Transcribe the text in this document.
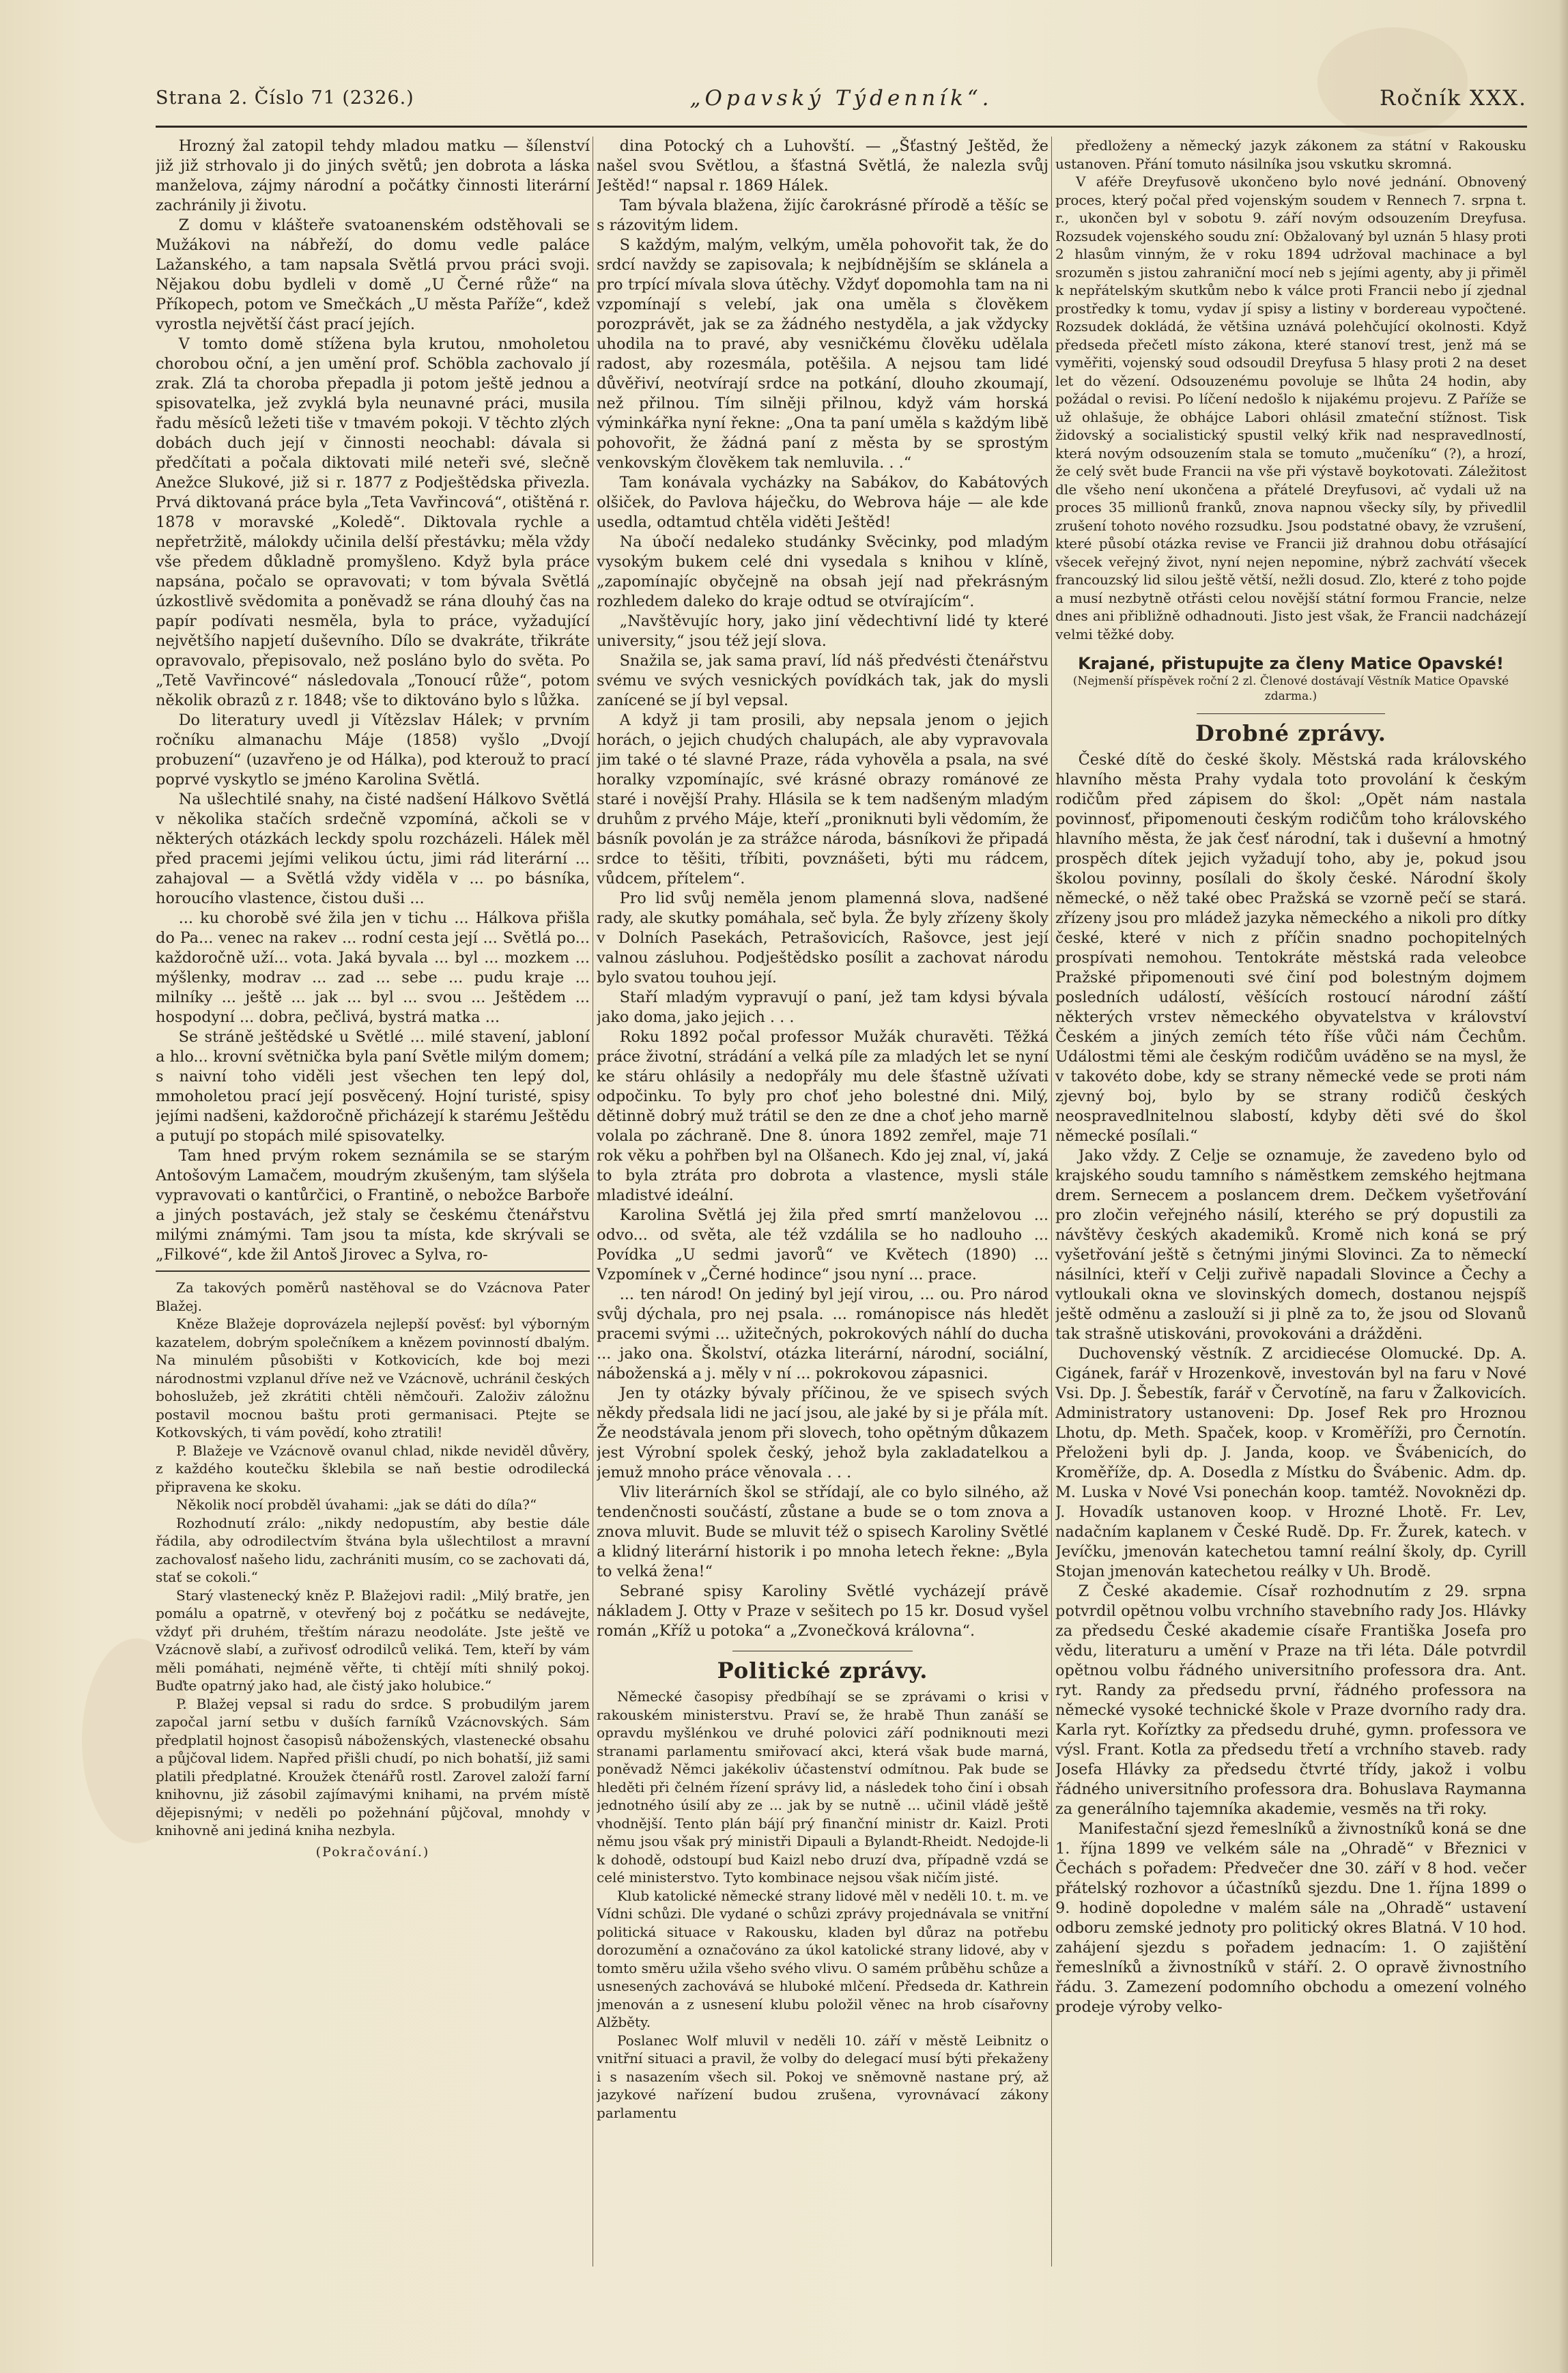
Strana 2. Číslo 71 (2326.)	„Opavský Týdenník“.	Ročník XXX.

Hrozný žal zatopil tehdy mladou matku — šílenství již již strhovalo ji do jiných světů; jen dobrota a láska manželova, zájmy národní a počátky činnosti literární zachránily ji životu.

Z domu v klášteře svatoanenském odstěhovali se Mužákovi na nábřeží, do domu vedle paláce Lažanského, a tam napsala Světlá prvou práci svoji. Nějakou dobu bydleli v domě „U Černé růže“ na Příkopech, potom ve Smečkách „U města Paříže“, kdež vyrostla největší část prací jejích.

V tomto domě stížena byla krutou, nmoholetou chorobou oční, a jen umění prof. Schöbla zachovalo jí zrak. Zlá ta choroba přepadla ji potom ještě jednou a spisovatelka, jež zvyklá byla neunavné práci, musila řadu měsíců ležeti tiše v tmavém pokoji. V těchto zlých dobách duch její v činnosti neochabl: dávala si předčítati a počala diktovati milé neteři své, slečně Anežce Slukové, již si r. 1877 z Podještědska přivezla. Prvá diktovaná práce byla „Teta Vavřincová“, otištěná r. 1878 v moravské „Koledě“. Diktovala rychle a nepřetržitě, málokdy učinila delší přestávku; měla vždy vše předem důkladně promyšleno. Když byla práce napsána, počalo se opravovati; v tom bývala Světlá úzkostlivě svědomita a poněvadž se rána dlouhý čas na papír podívati nesměla, byla to práce, vyžadující největšího napjetí duševního. Dílo se dvakráte, třikráte opravovalo, přepisovalo, než posláno bylo do světa. Po „Tetě Vavřincové“ následovala „Tonoucí růže“, potom několik obrazů z r. 1848; vše to diktováno bylo s lůžka.

Do literatury uvedl ji Vítězslav Hálek; v prvním ročníku almanachu Máje (1858) vyšlo „Dvojí probuzení“ (uzavřeno je od Hálka), pod kterouž to prací poprvé vyskytlo se jméno Karolina Světlá.

Na ušlechtilé snahy, na čisté nadšení Hálkovo Světlá v několika stačích srdečně vzpomíná, ačkoli se v některých otázkách leckdy spolu rozcházeli. Hálek měl před pracemi jejími velikou úctu, jimi rád literární ... zahajoval — a Světlá vždy viděla v ... po básníka, horoucího vlastence, čistou duši ...

... ku chorobě své žila jen v tichu ... Hálkova přišla do Pa... venec na rakev ... rodní cesta její ... Světlá po... každoročně uží... vota. Jaká byvala ... byl ... mozkem ... mýšlenky, modrav ... zad ... sebe ... pudu kraje ... milníky ... ještě ... jak ... byl ... svou ... Ještědem ... hospodyní ... dobra, pečlivá, bystrá matka ...

Se stráně ještědské u Světlé ... milé stavení, jabloní a hlo... krovní světnička byla paní Světle milým domem; s naivní toho viděli jest všechen ten lepý dol, mmoholetou prací její posvěcený. Hojní turisté, spisy jejími nadšeni, každoročně přicházejí k starému Ještědu a putují po stopách milé spisovatelky.

Tam hned prvým rokem seznámila se se starým Antošovým Lamačem, moudrým zkušeným, tam slýšela vypravovati o kantůrčici, o Frantině, o nebožce Barboře a jiných postavách, jež staly se českému čtenářstvu milými známými. Tam jsou ta místa, kde skrývali se „Filkové“, kde žil Antoš Jirovec a Sylva, ro-

Za takových poměrů nastěhoval se do Vzácnova Pater Blažej.

Kněze Blažeje doprovázela nejlepší pověsť: byl výborným kazatelem, dobrým společníkem a knězem povinností dbalým. Na minulém působišti v Kotkovicích, kde boj mezi národnostmi vzplanul dříve než ve Vzácnově, uchránil českých bohoslužeb, jež zkrátiti chtěli němčouři. Založiv záložnu postavil mocnou baštu proti germanisaci. Ptejte se Kotkovských, ti vám povědí, koho ztratili!

P. Blažeje ve Vzácnově ovanul chlad, nikde neviděl důvěry, z každého koutečku šklebila se naň bestie odrodilecká připravena ke skoku.

Několik nocí probděl úvahami: „jak se dáti do díla?“

Rozhodnutí zrálo: „nikdy nedopustím, aby bestie dále řádila, aby odrodilectvím štvána byla ušlechtilost a mravní zachovalosť našeho lidu, zachrániti musím, co se zachovati dá, stať se cokoli.“

Starý vlastenecký kněz P. Blažejovi radil: „Milý bratře, jen pomálu a opatrně, v otevřený boj z počátku se nedávejte, vždyť při druhém, třeštím nárazu neodoláte. Jste ještě ve Vzácnově slabí, a zuřivosť odrodilců veliká. Tem, kteří by vám měli pomáhati, nejméně věřte, ti chtějí míti shnilý pokoj. Buďte opatrný jako had, ale čistý jako holubice.“

P. Blažej vepsal si radu do srdce. S probudilým jarem započal jarní setbu v duších farníků Vzácnovských. Sám předplatil hojnost časopisů náboženských, vlastenecké obsahu a půjčoval lidem. Napřed přišli chudí, po nich bohatší, již sami platili předplatné. Kroužek čtenářů rostl. Zarovel založí farní knihovnu, již zásobil zajímavými knihami, na prvém místě dějepisnými; v neděli po požehnání půjčoval, mnohdy v knihovně ani jediná kniha nezbyla.

(Pokračování.)

dina Potocký ch a Luhovští. — „Šťastný Ještěd, že našel svou Světlou, a šťastná Světlá, že nalezla svůj Ještěd!“ napsal r. 1869 Hálek.

Tam bývala blažena, žijíc čarokrásné přírodě a těšíc se s rázovitým lidem.

S každým, malým, velkým, uměla pohovořit tak, že do srdcí navždy se zapisovala; k nejbídnějším se sklánela a pro trpící mívala slova útěchy. Vždyť dopomohla tam na ni vzpomínají s velebí, jak ona uměla s člověkem porozprávět, jak se za žádného nestyděla, a jak vždycky uhodila na to pravé, aby vesničkému člověku udělala radost, aby rozesmála, potěšila. A nejsou tam lidé důvěřiví, neotvírají srdce na potkání, dlouho zkoumají, než přilnou. Tím silněji přilnou, když vám horská výminkářka nyní řekne: „Ona ta paní uměla s každým libě pohovořit, že žádná paní z města by se sprostým venkovským člověkem tak nemluvila. . .“

Tam konávala vycházky na Sabákov, do Kabátových olšiček, do Pavlova háječku, do Webrova háje — ale kde usedla, odtamtud chtěla viděti Ještěd!

Na úbočí nedaleko studánky Svěcinky, pod mladým vysokým bukem celé dni vysedala s knihou v klíně, „zapomínajíc obyčejně na obsah její nad překrásným rozhledem daleko do kraje odtud se otvírajícím“.

„Navštěvujíc hory, jako jiní vědechtivní lidé ty které university,“ jsou též její slova.

Snažila se, jak sama praví, líd náš předvésti čtenářstvu svému ve svých vesnických povídkách tak, jak do mysli zanícené se jí byl vepsal.

A když ji tam prosili, aby nepsala jenom o jejich horách, o jejich chudých chalupách, ale aby vypravovala jim také o té slavné Praze, ráda vyhověla a psala, na své horalky vzpomínajíc, své krásné obrazy románové ze staré i novější Prahy. Hlásila se k tem nadšeným mladým druhům z prvého Máje, kteří „proniknuti byli vědomím, že básník povolán je za strážce národa, básníkovi že připadá srdce to těšiti, tříbiti, povznášeti, býti mu rádcem, vůdcem, přítelem“.

Pro lid svůj neměla jenom plamenná slova, nadšené rady, ale skutky pomáhala, seč byla. Že byly zřízeny školy v Dolních Pasekách, Petrašovicích, Rašovce, jest její valnou zásluhou. Podještědsko posílit a zachovat národu bylo svatou touhou její.

Staří mladým vypravují o paní, jež tam kdysi bývala jako doma, jako jejich . . .

Roku 1892 počal professor Mužák churavěti. Těžká práce životní, strádání a velká píle za mladých let se nyní ke stáru ohlásily a nedopřály mu dele šťastně užívati odpočinku. To byly pro choť jeho bolestné dni. Milý, dětinně dobrý muž trátil se den ze dne a choť jeho marně volala po záchraně. Dne 8. února 1892 zemřel, maje 71 rok věku a pohřben byl na Olšanech. Kdo jej znal, ví, jaká to byla ztráta pro dobrota a vlastence, mysli stále mladistvé ideální.

Karolina Světlá jej žila před smrtí manželovou ... odvo... od světa, ale též vzdálila se ho nadlouho ... Povídka „U sedmi javorů“ ve Květech (1890) ... Vzpomínek v „Černé hodince“ jsou nyní ... prace.

... ten národ! On jediný byl její virou, ... ou. Pro národ svůj dýchala, pro nej psala. ... románopisce nás hledět pracemi svými ... užitečných, pokrokových náhlí do ducha ... jako ona. Školství, otázka literární, národní, sociální, náboženská a j. měly v ní ... pokrokovou zápasnici.

Jen ty otázky bývaly příčinou, že ve spisech svých někdy předsala lidi ne jací jsou, ale jaké by si je přála mít. Že neodstávala jenom při slovech, toho opětným důkazem jest Výrobní spolek český, jehož byla zakladatelkou a jemuž mnoho práce věnovala . . .

Vliv literárních škol se střídají, ale co bylo silného, až tendenčnosti součástí, zůstane a bude se o tom znova a znova mluvit. Bude se mluvit též o spisech Karoliny Světlé a klidný literární historik i po mnoha letech řekne: „Byla to velká žena!“

Sebrané spisy Karoliny Světlé vycházejí právě nákladem J. Otty v Praze v sešitech po 15 kr. Dosud vyšel román „Kříž u potoka“ a „Zvonečková královna“.

Politické zprávy.

Německé časopisy předbíhají se se zprávami o krisi v rakouském ministerstvu. Praví se, že hrabě Thun zanáší se opravdu myšlénkou ve druhé polovici září podniknouti mezi stranami parlamentu smiřovací akci, která však bude marná, poněvadž Němci jakékoliv účastenství odmítnou. Pak bude se hleděti při čelném řízení správy lid, a následek toho činí i obsah jednotného úsilí aby ze ... jak by se nutně ... učinil vládě ještě vhodnější. Tento plán bájí prý finanční ministr dr. Kaizl. Proti němu jsou však prý ministři Dipauli a Bylandt-Rheidt. Nedojde-li k dohodě, odstoupí bud Kaizl nebo druzí dva, případně vzdá se celé ministerstvo. Tyto kombinace nejsou však ničím jisté.

Klub katolické německé strany lidové měl v neděli 10. t. m. ve Vídni schůzi. Dle vydané o schůzi zprávy projednávala se vnitřní politická situace v Rakousku, kladen byl důraz na potřebu dorozumění a označováno za úkol katolické strany lidové, aby v tomto směru užila všeho svého vlivu. O samém průběhu schůze a usnesených zachovává se hluboké mlčení. Předseda dr. Kathrein jmenován a z usnesení klubu položil věnec na hrob císařovny Alžběty.

Poslanec Wolf mluvil v neděli 10. září v městě Leibnitz o vnitřní situaci a pravil, že volby do delegací musí býti překaženy i s nasazením všech sil. Pokoj ve sněmovně nastane prý, až jazykové nařízení budou zrušena, vyrovnávací zákony parlamentu

předloženy a německý jazyk zákonem za státní v Rakousku ustanoven. Přání tomuto násilníka jsou vskutku skromná.

V aféře Dreyfusově ukončeno bylo nové jednání. Obnovený proces, který počal před vojenským soudem v Rennech 7. srpna t. r., ukončen byl v sobotu 9. září novým odsouzením Dreyfusa. Rozsudek vojenského soudu zní: Obžalovaný byl uznán 5 hlasy proti 2 hlasům vinným, že v roku 1894 udržoval machinace a byl srozuměn s jistou zahraniční mocí neb s jejími agenty, aby ji přiměl k nepřátelským skutkům nebo k válce proti Francii nebo jí zjednal prostředky k tomu, vydav jí spisy a listiny v bordereau vypočtené. Rozsudek dokládá, že většina uznává polehčující okolnosti. Když předseda přečetl místo zákona, které stanoví trest, jenž má se vyměřiti, vojenský soud odsoudil Dreyfusa 5 hlasy proti 2 na deset let do vězení. Odsouzenému povoluje se lhůta 24 hodin, aby požádal o revisi. Po líčení nedošlo k nijakému projevu. Z Paříže se už ohlašuje, že obhájce Labori ohlásil zmateční stížnost. Tisk židovský a socialistický spustil velký křik nad nespravedlností, která novým odsouzením stala se tomuto „mučeníku“ (?), a hrozí, že celý svět bude Francii na vše při výstavě boykotovati. Záležitost dle všeho není ukončena a přátelé Dreyfusovi, ač vydali už na proces 35 millionů franků, znova napnou všecky síly, by přivedlil zrušení tohoto nového rozsudku. Jsou podstatné obavy, že vzrušení, které působí otázka revise ve Francii již drahnou dobu otřásající všecek veřejný život, nyní nejen nepomine, nýbrž zachvátí všecek francouzský lid silou ještě větší, nežli dosud. Zlo, které z toho pojde a musí nezbytně otřásti celou novější státní formou Francie, nelze dnes ani přibližně odhadnouti. Jisto jest však, že Francii nadcházejí velmi těžké doby.

Krajané, přistupujte za členy Matice Opavské!
(Nejmenší příspěvek roční 2 zl. Členové dostávají Věstník Matice Opavské zdarma.)
Drobné zprávy.

České dítě do české školy. Městská rada královského hlavního města Prahy vydala toto provolání k českým rodičům před zápisem do škol: „Opět nám nastala povinnosť, připomenouti českým rodičům toho královského hlavního města, že jak česť národní, tak i duševní a hmotný prospěch dítek jejich vyžadují toho, aby je, pokud jsou školou povinny, posílali do školy české. Národní školy německé, o něž také obec Pražská se vzorně pečí se stará. zřízeny jsou pro mládež jazyka německého a nikoli pro dítky české, které v nich z příčin snadno pochopitelných prospívati nemohou. Tentokráte městská rada veleobce Pražské připomenouti své činí pod bolestným dojmem posledních událostí, věšících rostoucí národní záští některých vrstev německého obyvatelstva v království Českém a jiných zemích této říše vůči nám Čechům. Událostmi těmi ale českým rodičům uváděno se na mysl, že v takovéto dobe, kdy se strany německé vede se proti nám zjevný boj, bylo by se strany rodičů českých neospravedlnitelnou slabostí, kdyby děti své do škol německé posílali.“

Jako vždy. Z Celje se oznamuje, že zavedeno bylo od krajského soudu tamního s náměstkem zemského hejtmana drem. Sernecem a poslancem drem. Dečkem vyšetřování pro zločin veřejného násilí, kterého se prý dopustili za návštěvy českých akademiků. Kromě nich koná se prý vyšetřování ještě s četnými jinými Slovinci. Za to německí násilníci, kteří v Celji zuřivě napadali Slovince a Čechy a vytloukali okna ve slovinských domech, dostanou nejspíš ještě odměnu a zaslouží si ji plně za to, že jsou od Slovanů tak strašně utiskováni, provokováni a drážděni.

Duchovenský věstník. Z arcidiecése Olomucké. Dp. A. Cigánek, farář v Hrozenkově, investován byl na faru v Nové Vsi. Dp. J. Šebestík, farář v Červotíně, na faru v Žalkovicích. Administratory ustanoveni: Dp. Josef Rek pro Hroznou Lhotu, dp. Meth. Spaček, koop. v Kroměříži, pro Černotín. Přeloženi byli dp. J. Janda, koop. ve Švábenicích, do Kroměříže, dp. A. Dosedla z Místku do Švábenic. Adm. dp. M. Luska v Nové Vsi ponechán koop. tamtéž. Novoknězi dp. J. Hovadík ustanoven koop. v Hrozné Lhotě. Fr. Lev, nadačním kaplanem v České Rudě. Dp. Fr. Žurek, katech. v Jevíčku, jmenován katechetou tamní reální školy, dp. Cyrill Stojan jmenován katechetou reálky v Uh. Brodě.

Z České akademie. Císař rozhodnutím z 29. srpna potvrdil opětnou volbu vrchního stavebního rady Jos. Hlávky za předsedu České akademie císaře Františka Josefa pro vědu, literaturu a umění v Praze na tři léta. Dále potvrdil opětnou volbu řádného universitního professora dra. Ant. ryt. Randy za předsedu první, řádného professora na německé vysoké technické škole v Praze dvorního rady dra. Karla ryt. Koříztky za předsedu druhé, gymn. professora ve výsl. Frant. Kotla za předsedu třetí a vrchního staveb. rady Josefa Hlávky za předsedu čtvrté třídy, jakož i volbu řádného universitního professora dra. Bohuslava Raymanna za generálního tajemníka akademie, vesměs na tři roky.

Manifestační sjezd řemeslníků a živnostníků koná se dne 1. října 1899 ve velkém sále na „Ohradě“ v Březnici v Čechách s pořadem: Předvečer dne 30. září v 8 hod. večer přátelský rozhovor a účastníků sjezdu. Dne 1. října 1899 o 9. hodině dopoledne v malém sále na „Ohradě“ ustavení odboru zemské jednoty pro politický okres Blatná. V 10 hod. zahájení sjezdu s pořadem jednacím: 1. O zajištění řemeslníků a živnostníků v stáří. 2. O opravě živnostního řádu. 3. Zamezení podomního obchodu a omezení volného prodeje výroby velko-
